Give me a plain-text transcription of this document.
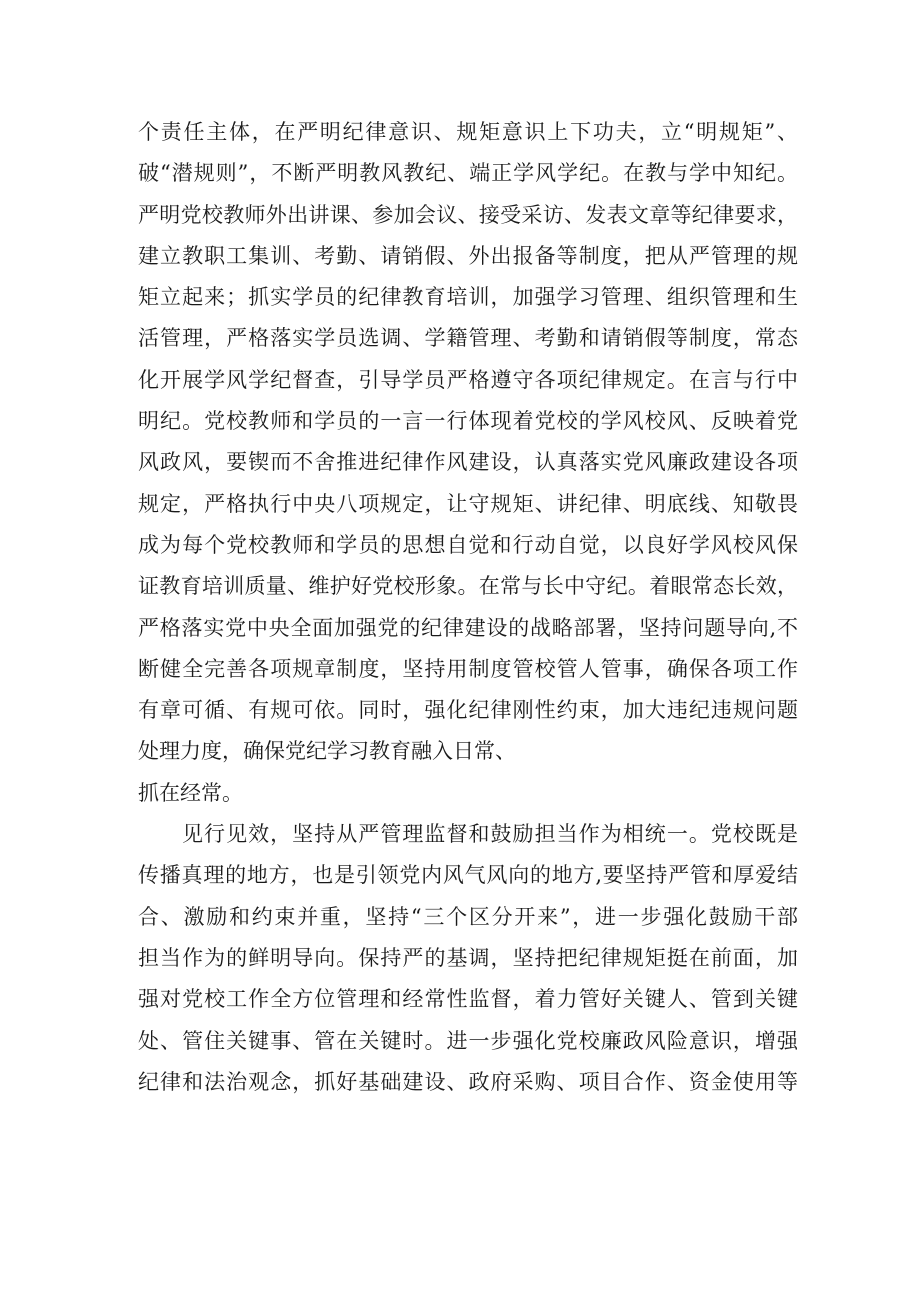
个责任主体，在严明纪律意识、规矩意识上下功夫，立“明规矩”、
破“潜规则”，不断严明教风教纪、端正学风学纪。在教与学中知纪。
严明党校教师外出讲课、参加会议、接受采访、发表文章等纪律要求，
建立教职工集训、考勤、请销假、外出报备等制度，把从严管理的规
矩立起来；抓实学员的纪律教育培训，加强学习管理、组织管理和生
活管理，严格落实学员选调、学籍管理、考勤和请销假等制度，常态
化开展学风学纪督查，引导学员严格遵守各项纪律规定。在言与行中
明纪。党校教师和学员的一言一行体现着党校的学风校风、反映着党
风政风，要锲而不舍推进纪律作风建设，认真落实党风廉政建设各项
规定，严格执行中央八项规定，让守规矩、讲纪律、明底线、知敬畏
成为每个党校教师和学员的思想自觉和行动自觉，以良好学风校风保
证教育培训质量、维护好党校形象。在常与长中守纪。着眼常态长效，
严格落实党中央全面加强党的纪律建设的战略部署，坚持问题导向,不
断健全完善各项规章制度，坚持用制度管校管人管事，确保各项工作
有章可循、有规可依。同时，强化纪律刚性约束，加大违纪违规问题
处理力度，确保党纪学习教育融入日常、
抓在经常。
见行见效，坚持从严管理监督和鼓励担当作为相统一。党校既是
传播真理的地方，也是引领党内风气风向的地方,要坚持严管和厚爱结
合、激励和约束并重，坚持“三个区分开来”，进一步强化鼓励干部
担当作为的鲜明导向。保持严的基调，坚持把纪律规矩挺在前面，加
强对党校工作全方位管理和经常性监督，着力管好关键人、管到关键
处、管住关键事、管在关键时。进一步强化党校廉政风险意识，增强
纪律和法治观念，抓好基础建设、政府采购、项目合作、资金使用等
